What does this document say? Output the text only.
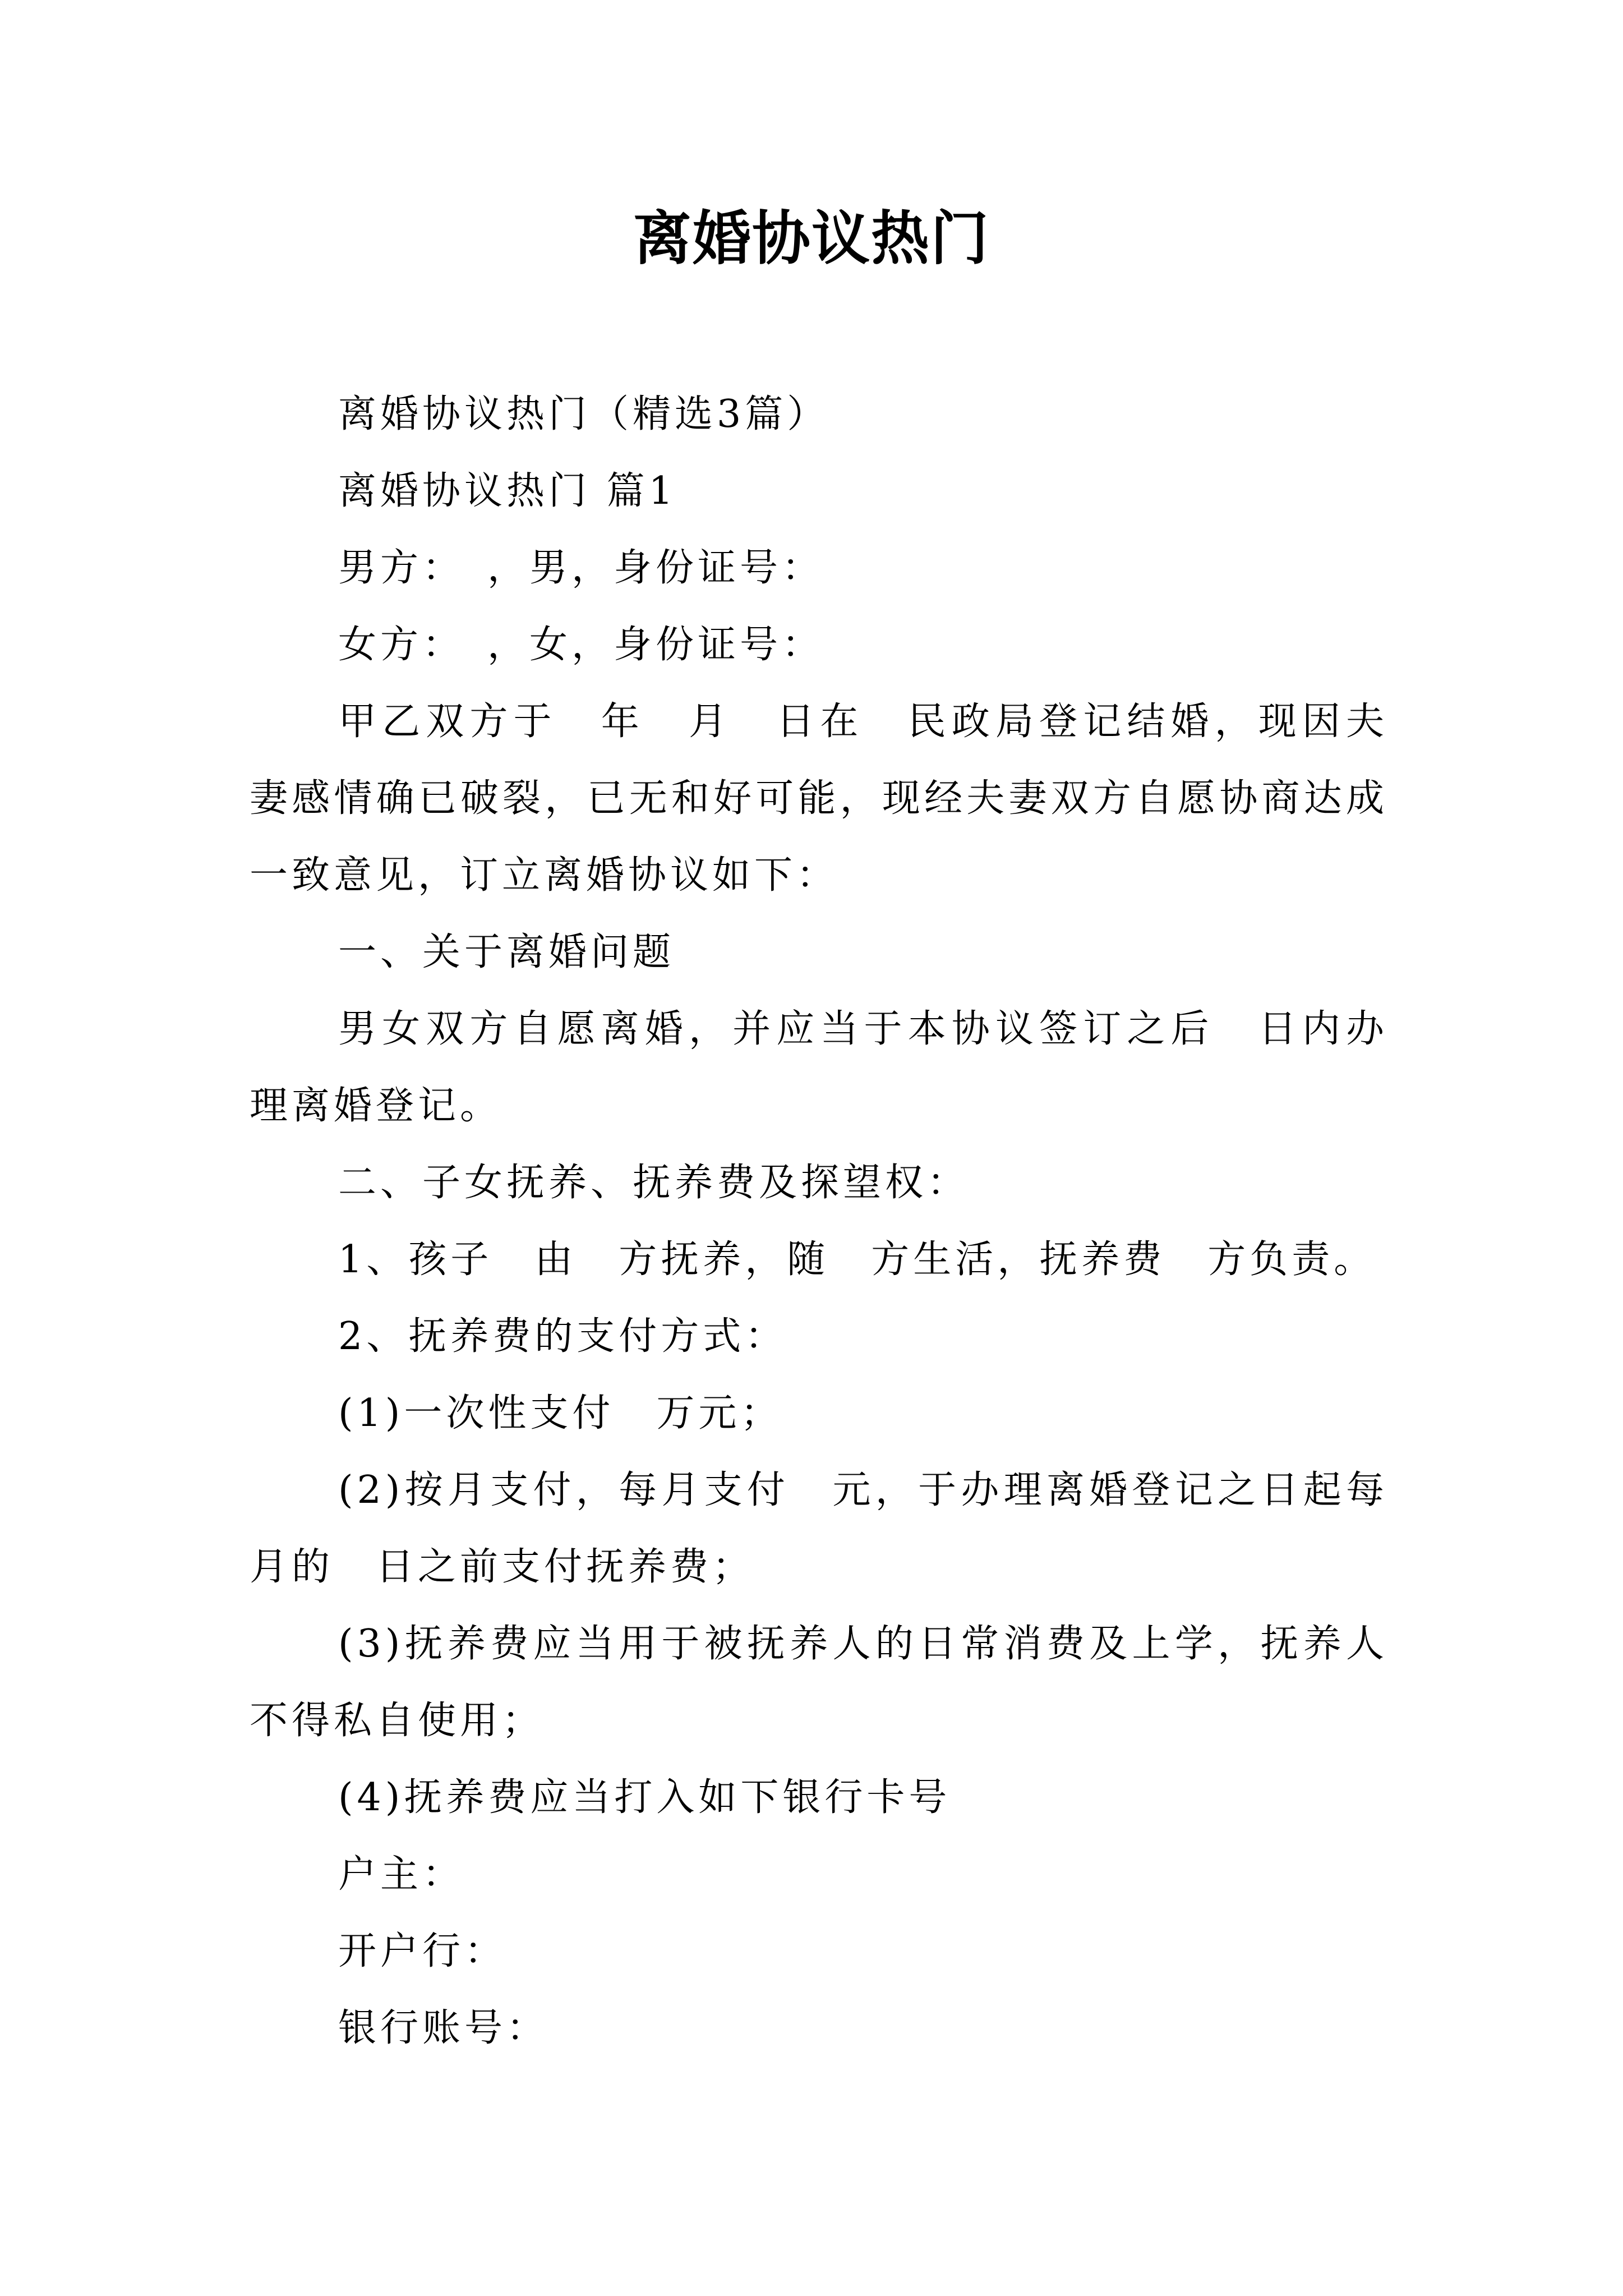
离婚协议热门

离婚协议热门（精选3篇）

离婚协议热门 篇1

男方：　，男，身份证号：

女方：　，女，身份证号：

甲乙双方于　年　月　日在　民政局登记结婚，现因夫妻感情确已破裂，已无和好可能，现经夫妻双方自愿协商达成一致意见，订立离婚协议如下：

一、关于离婚问题

男女双方自愿离婚，并应当于本协议签订之后　日内办理离婚登记。

二、子女抚养、抚养费及探望权：

1、孩子　由　方抚养，随　方生活，抚养费　方负责。

2、抚养费的支付方式：

(1)一次性支付　万元；

(2)按月支付，每月支付　元，于办理离婚登记之日起每月的　日之前支付抚养费；

(3)抚养费应当用于被抚养人的日常消费及上学，抚养人不得私自使用；

(4)抚养费应当打入如下银行卡号

户主：

开户行：

银行账号：
